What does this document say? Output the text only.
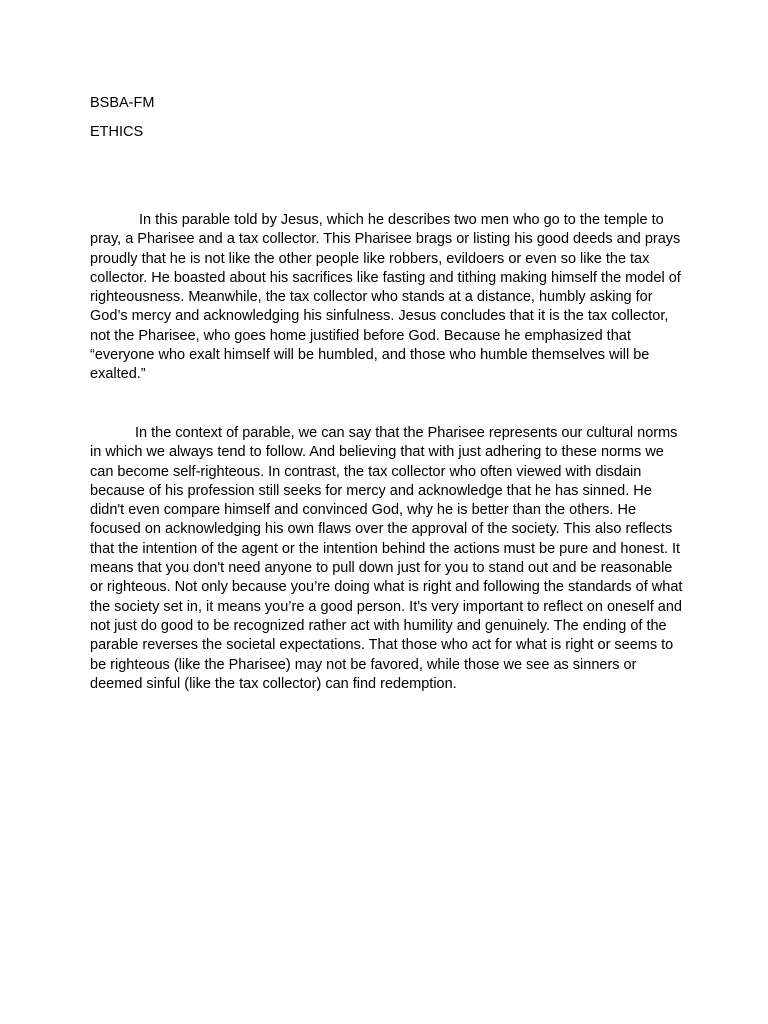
BSBA-FM

ETHICS

In this parable told by Jesus, which he describes two men who go to the temple to pray, a Pharisee and a tax collector. This Pharisee brags or listing his good deeds and prays proudly that he is not like the other people like robbers, evildoers or even so like the tax collector. He boasted about his sacrifices like fasting and tithing making himself the model of righteousness. Meanwhile, the tax collector who stands at a distance, humbly asking for God’s mercy and acknowledging his sinfulness. Jesus concludes that it is the tax collector, not the Pharisee, who goes home justified before God. Because he emphasized that “everyone who exalt himself will be humbled, and those who humble themselves will be exalted.”

In the context of parable, we can say that the Pharisee represents our cultural norms in which we always tend to follow. And believing that with just adhering to these norms we can become self-righteous. In contrast, the tax collector who often viewed with disdain because of his profession still seeks for mercy and acknowledge that he has sinned. He didn't even compare himself and convinced God, why he is better than the others. He focused on acknowledging his own flaws over the approval of the society. This also reflects that the intention of the agent or the intention behind the actions must be pure and honest. It means that you don't need anyone to pull down just for you to stand out and be reasonable or righteous. Not only because you’re doing what is right and following the standards of what the society set in, it means you’re a good person. It's very important to reflect on oneself and not just do good to be recognized rather act with humility and genuinely. The ending of the parable reverses the societal expectations. That those who act for what is right or seems to be righteous (like the Pharisee) may not be favored, while those we see as sinners or deemed sinful (like the tax collector) can find redemption.
